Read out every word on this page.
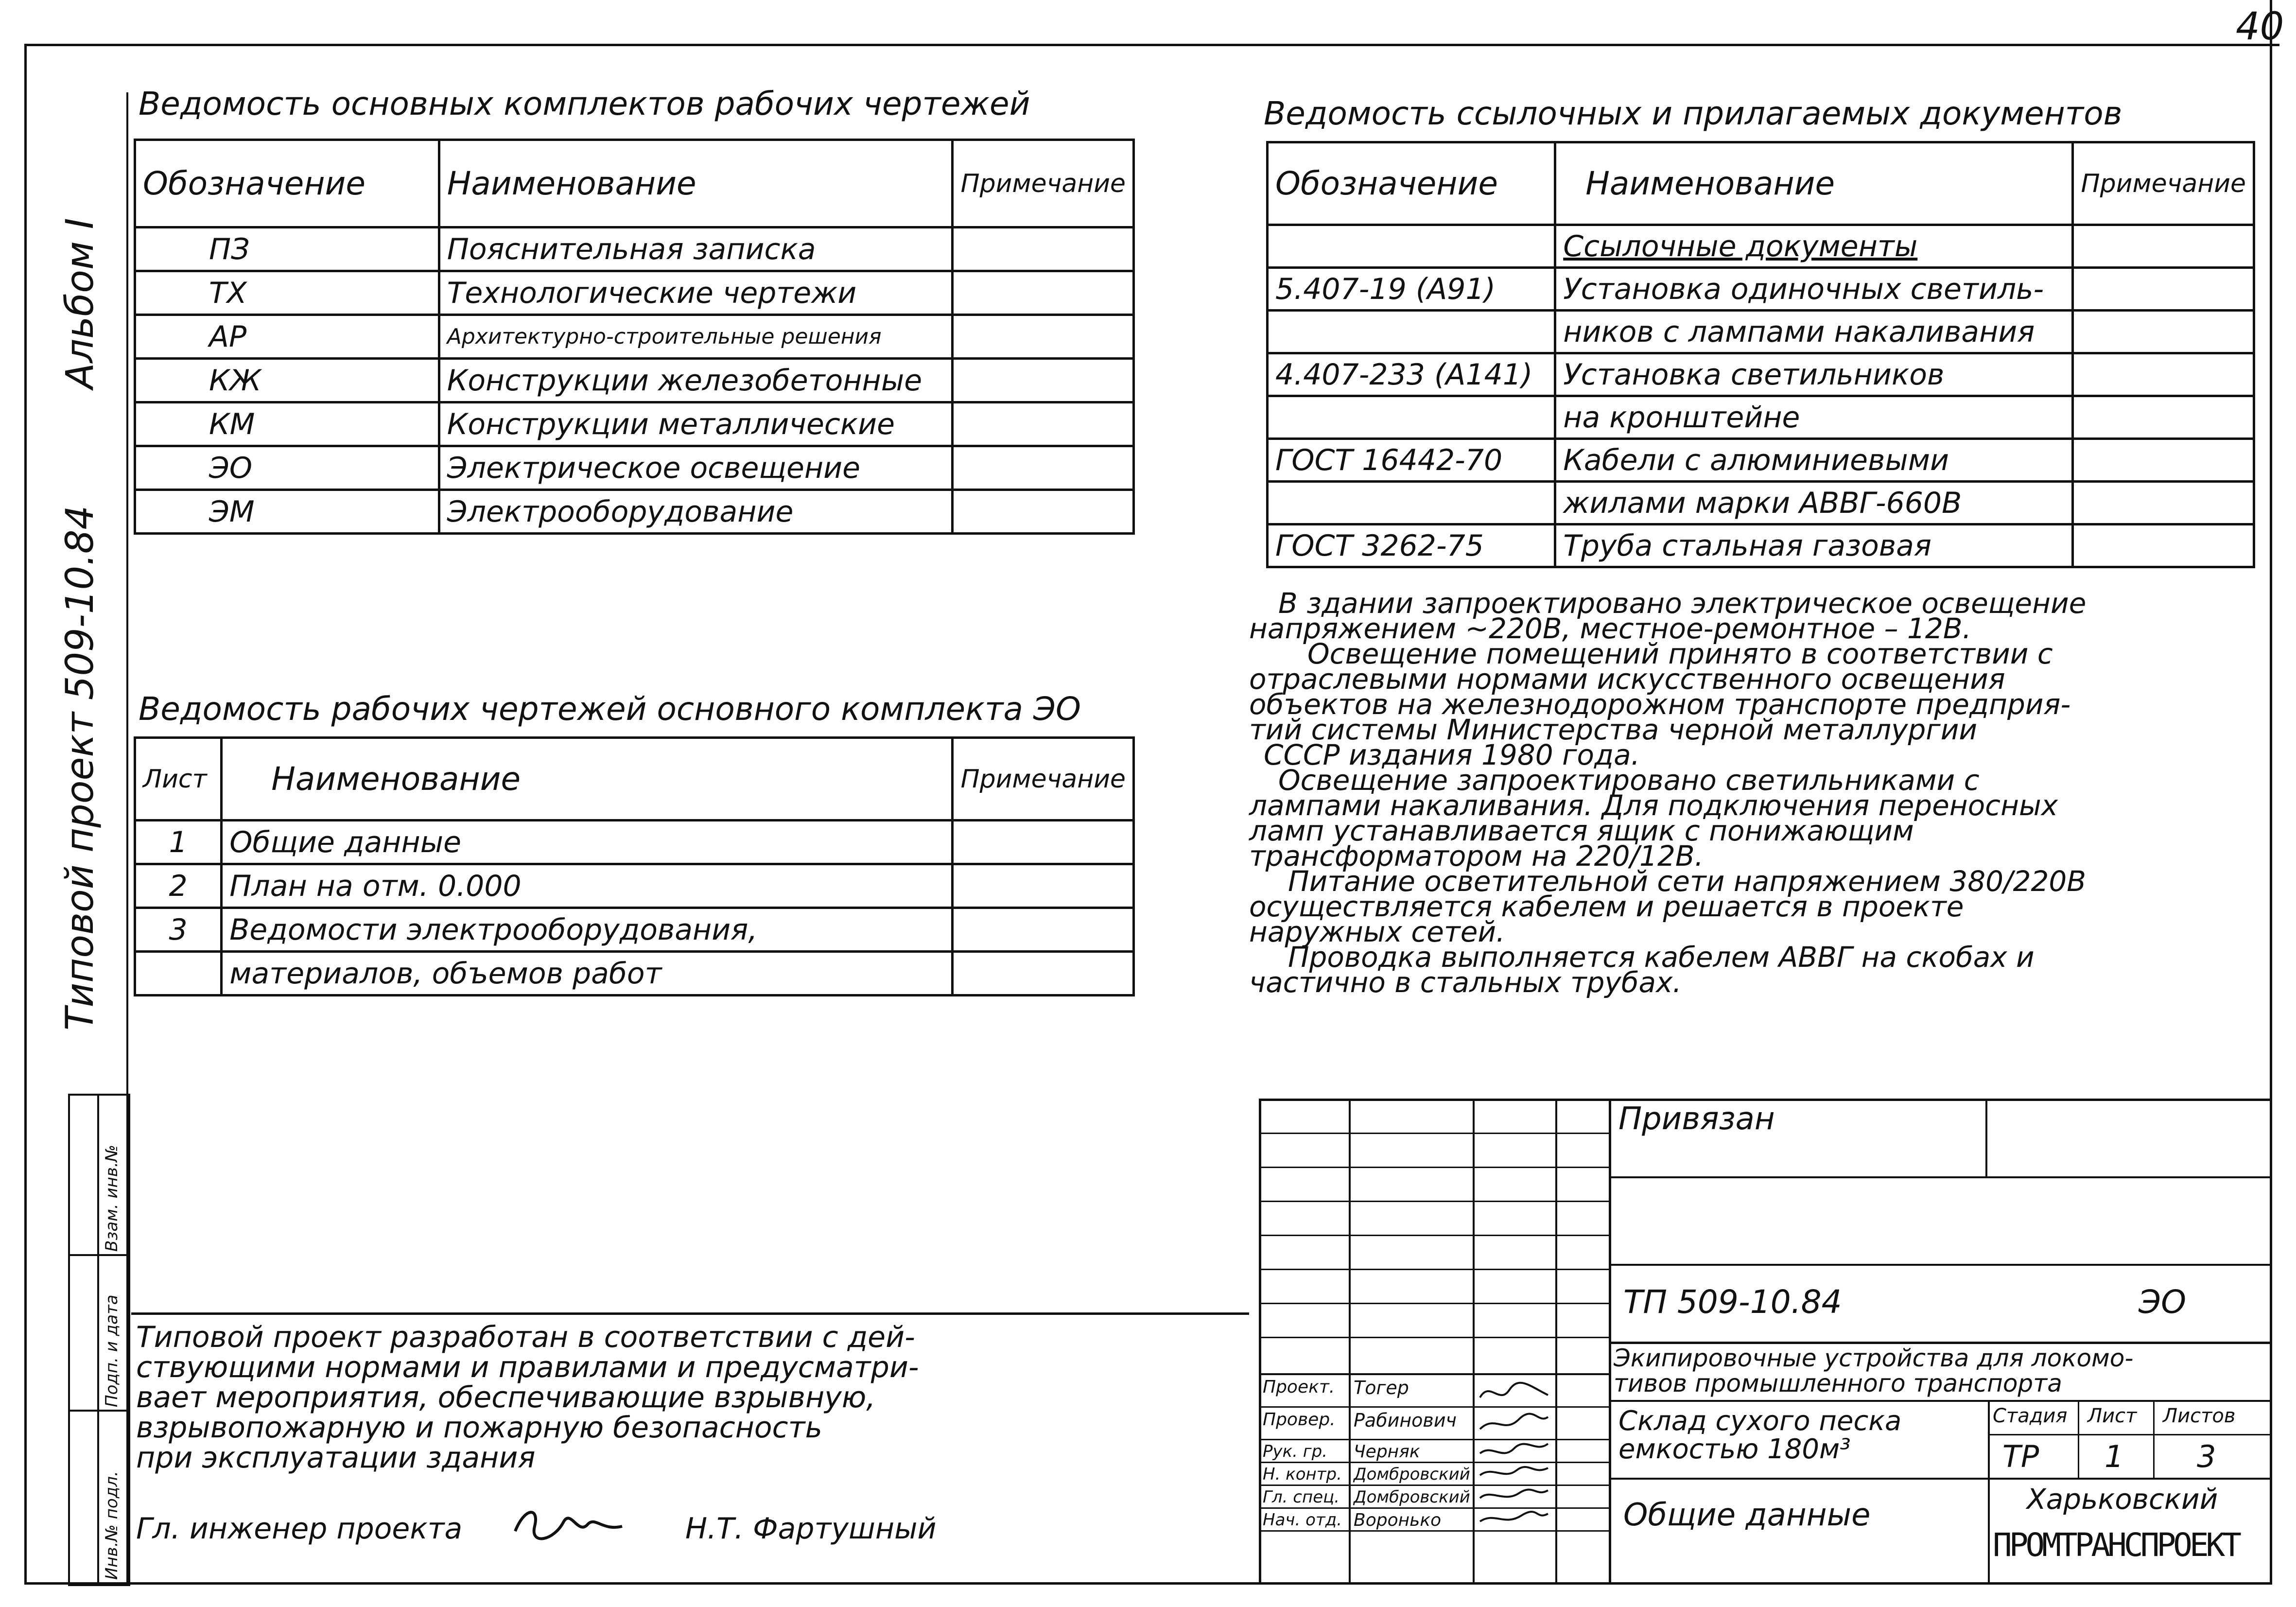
40
Альбом I
Типовой проект 509-10.84
Инв.№ подл.
Подп. и дата
Взам. инв.№
Ведомость основных комплектов рабочих чертежей
Обозначение	Наименование	Примечание
ПЗ	Пояснительная записка	
ТХ	Технологические чертежи	
АР	Архитектурно-строительные решения	
КЖ	Конструкции железобетонные	
КМ	Конструкции металлические	
ЭО	Электрическое освещение	
ЭМ	Электрооборудование	
Ведомость рабочих чертежей основного комплекта ЭО
Лист	Наименование	Примечание
1	Общие данные	
2	План на отм. 0.000	
3	Ведомости электрооборудования,	
	материалов, объемов работ	
Ведомость ссылочных и прилагаемых документов
Обозначение	Наименование	Примечание
	Ссылочные документы	
5.407-19 (А91)	Установка одиночных светиль-	
	ников с лампами накаливания	
4.407-233 (А141)	Установка светильников	
	на кронштейне	
ГОСТ 16442-70	Кабели с алюминиевыми	
	жилами марки АВВГ-660В	
ГОСТ 3262-75	Труба стальная газовая	
В здании запроектировано электрическое освещение
напряжением ~220В, местное-ремонтное – 12В.
Освещение помещений принято в соответствии с
отраслевыми нормами искусственного освещения
объектов на железнодорожном транспорте предприя-
тий системы Министерства черной металлургии
СССР издания 1980 года.
Освещение запроектировано светильниками с
лампами накаливания. Для подключения переносных
ламп устанавливается ящик с понижающим
трансформатором на 220/12В.
Питание осветительной сети напряжением 380/220В
осуществляется кабелем и решается в проекте
наружных сетей.
Проводка выполняется кабелем АВВГ на скобах и
частично в стальных трубах.
Типовой проект разработан в соответствии с дей-
ствующими нормами и правилами и предусматри-
вает мероприятия, обеспечивающие взрывную,
взрывопожарную и пожарную безопасность
при эксплуатации здания
Гл. инженер проекта	Н.Т. Фартушный
Привязан
ТП 509-10.84	ЭО
Экипировочные устройства для локомо-
тивов промышленного транспорта
Склад сухого песка
емкостью 180м³
Общие данные
Стадия Лист Листов
ТР 1 3
Харьковский
ПРОМТРАНСПРОЕКТ
Проект. Тогер
Провер. Рабинович
Рук. гр. Черняк
Н. контр. Домбровский
Гл. спец. Домбровский
Нач. отд. Воронько
